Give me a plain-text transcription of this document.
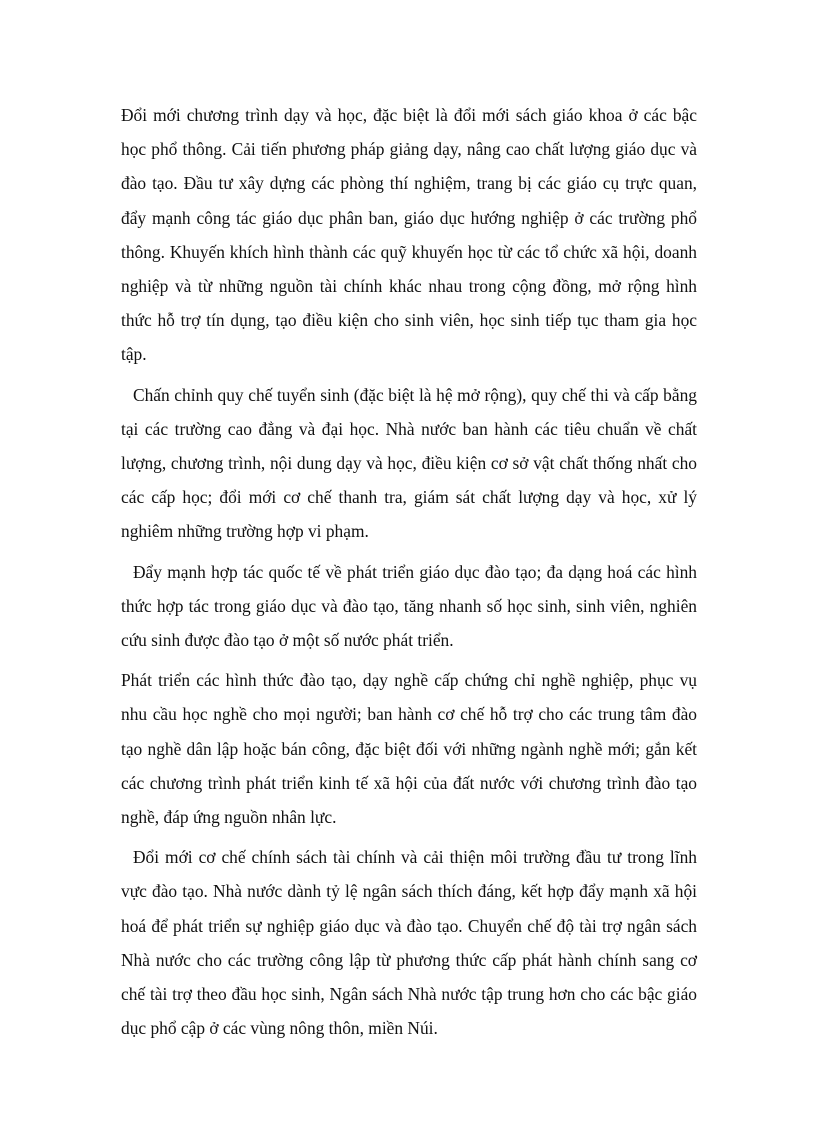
Đổi mới chương trình dạy và học, đặc biệt là đổi mới sách giáo khoa ở các bậc học phổ thông. Cải tiến phương pháp giảng dạy, nâng cao chất lượng giáo dục và đào tạo. Đầu tư xây dựng các phòng thí nghiệm, trang bị các giáo cụ trực quan, đẩy mạnh công tác giáo dục phân ban, giáo dục hướng nghiệp ở các trường phổ thông. Khuyến khích hình thành các quỹ khuyến học từ các tổ chức xã hội, doanh nghiệp và từ những nguồn tài chính khác nhau trong cộng đồng, mở rộng hình thức hỗ trợ tín dụng, tạo điều kiện cho sinh viên, học sinh tiếp tục tham gia học tập.

Chấn chỉnh quy chế tuyển sinh (đặc biệt là hệ mở rộng), quy chế thi và cấp bằng tại các trường cao đẳng và đại học. Nhà nước ban hành các tiêu chuẩn về chất lượng, chương trình, nội dung dạy và học, điều kiện cơ sở vật chất thống nhất cho các cấp học; đổi mới cơ chế thanh tra, giám sát chất lượng dạy và học, xử lý nghiêm những trường hợp vi phạm.

Đẩy mạnh hợp tác quốc tế về phát triển giáo dục đào tạo; đa dạng hoá các hình thức hợp tác trong giáo dục và đào tạo, tăng nhanh số học sinh, sinh viên, nghiên cứu sinh được đào tạo ở một số nước phát triển.

Phát triển các hình thức đào tạo, dạy nghề cấp chứng chỉ nghề nghiệp, phục vụ nhu cầu học nghề cho mọi người; ban hành cơ chế hỗ trợ cho các trung tâm đào tạo nghề dân lập hoặc bán công, đặc biệt đối với những ngành nghề mới; gắn kết các chương trình phát triển kinh tế xã hội của đất nước với chương trình đào tạo nghề, đáp ứng nguồn nhân lực.

Đổi mới cơ chế chính sách tài chính và cải thiện môi trường đầu tư trong lĩnh vực đào tạo. Nhà nước dành tỷ lệ ngân sách thích đáng, kết hợp đẩy mạnh xã hội hoá để phát triển sự nghiệp giáo dục và đào tạo. Chuyển chế độ tài trợ ngân sách Nhà nước cho các trường công lập từ phương thức cấp phát hành chính sang cơ chế tài trợ theo đầu học sinh, Ngân sách Nhà nước tập trung hơn cho các bậc giáo dục phổ cập ở các vùng nông thôn, miền Núi.
